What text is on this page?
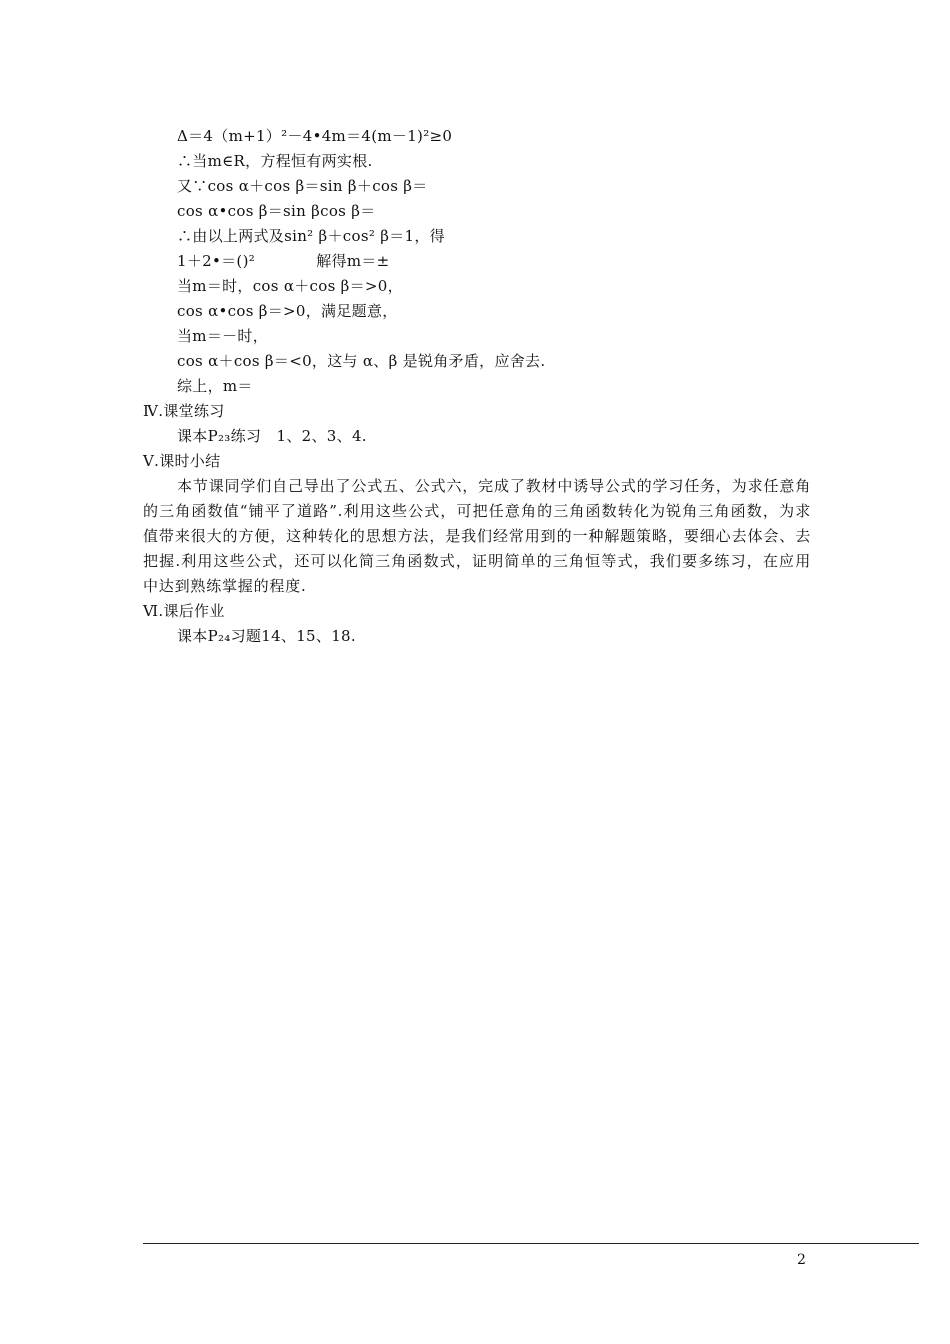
Δ＝4（m+1）²－4•4m＝4(m－1)²≥0
∴当m∈R，方程恒有两实根.
又∵cos α＋cos β＝sin β＋cos β＝
cos α•cos β＝sin βcos β＝
∴由以上两式及sin² β＋cos² β＝1，得
1＋2•＝()²　　　　解得m＝±
当m＝时，cos α＋cos β＝>0，
cos α•cos β＝>0，满足题意，
当m＝－时，
cos α＋cos β＝<0，这与 α、β 是锐角矛盾，应舍去.
综上，m＝
Ⅳ.课堂练习
课本P₂₃练习　1、2、3、4.
Ⅴ.课时小结
本节课同学们自己导出了公式五、公式六，完成了教材中诱导公式的学习任务，为求任意角的三角函数值“铺平了道路”.利用这些公式，可把任意角的三角函数转化为锐角三角函数，为求值带来很大的方便，这种转化的思想方法，是我们经常用到的一种解题策略，要细心去体会、去把握.利用这些公式，还可以化简三角函数式，证明简单的三角恒等式，我们要多练习，在应用中达到熟练掌握的程度.
Ⅵ.课后作业
课本P₂₄习题14、15、18.
2
